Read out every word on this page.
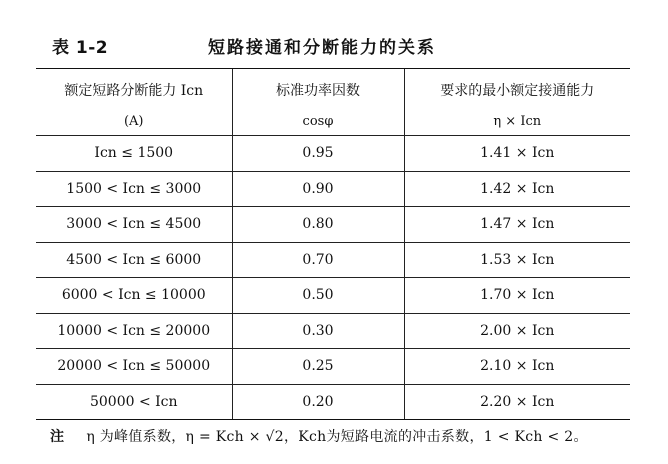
表 1-2	短路接通和分断能力的关系
额定短路分断能力 Icn	标准功率因数	要求的最小额定接通能力
(A)	cosφ	η × Icn
Icn ≤ 1500	0.95	1.41 × Icn
1500 < Icn ≤ 3000	0.90	1.42 × Icn
3000 < Icn ≤ 4500	0.80	1.47 × Icn
4500 < Icn ≤ 6000	0.70	1.53 × Icn
6000 < Icn ≤ 10000	0.50	1.70 × Icn
10000 < Icn ≤ 20000	0.30	2.00 × Icn
20000 < Icn ≤ 50000	0.25	2.10 × Icn
50000 < Icn	0.20	2.20 × Icn
注 η 为峰值系数，η = Kch × √2，Kch为短路电流的冲击系数，1 < Kch < 2。
